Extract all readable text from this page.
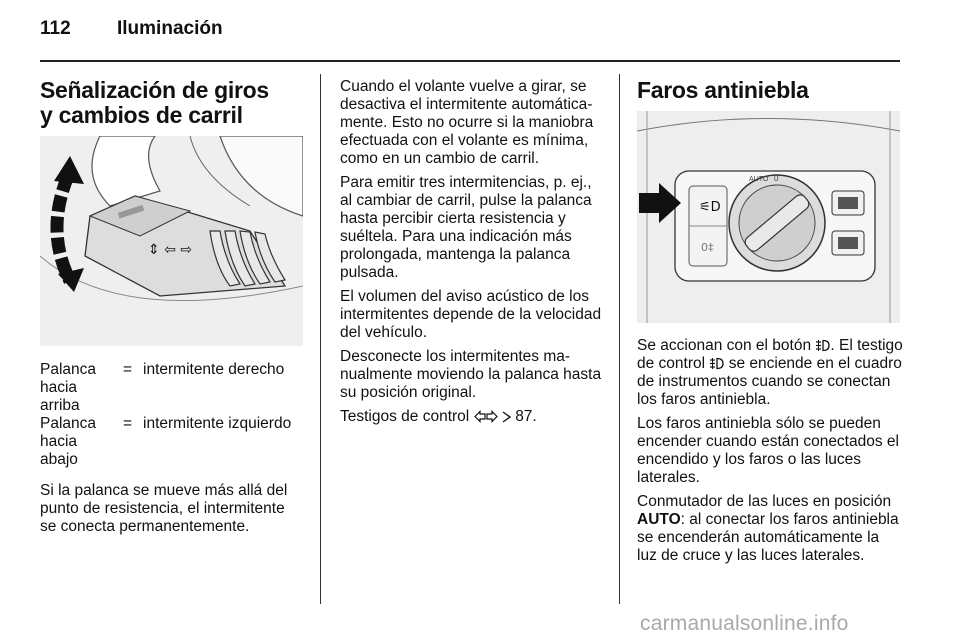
112 Iluminación
Señalización de giros
y cambios de carril
⇕ ⇦ ⇨
Palanca hacia arriba	=	intermitente derecho
Palanca hacia abajo	=	intermitente izquierdo

Si la palanca se mueve más allá del punto de resistencia, el intermitente se conecta permanentemente.

Cuando el volante vuelve a girar, se desactiva el intermitente automáticamente. Esto no ocurre si la maniobra efectuada con el volante es mínima, como en un cambio de carril.

Para emitir tres intermitencias, p. ej., al cambiar de carril, pulse la palanca hasta percibir cierta resistencia y suéltela. Para una indicación más prolongada, mantenga la palanca pulsada.

El volumen del aviso acústico de los intermitentes depende de la velocidad del vehículo.

Desconecte los intermitentes manualmente moviendo la palanca hasta su posición original.

Testigos de control	87.

Faros antiniebla
⚟D
0‡
AUTO 0

Se accionan con el botón . El testigo de control se enciende en el cuadro de instrumentos cuando se conectan los faros antiniebla.

Los faros antiniebla sólo se pueden encender cuando están conectados el encendido y los faros o las luces laterales.

Conmutador de las luces en posición AUTO: al conectar los faros antiniebla se encenderán automáticamente la luz de cruce y las luces laterales.

carmanualsonline.info
